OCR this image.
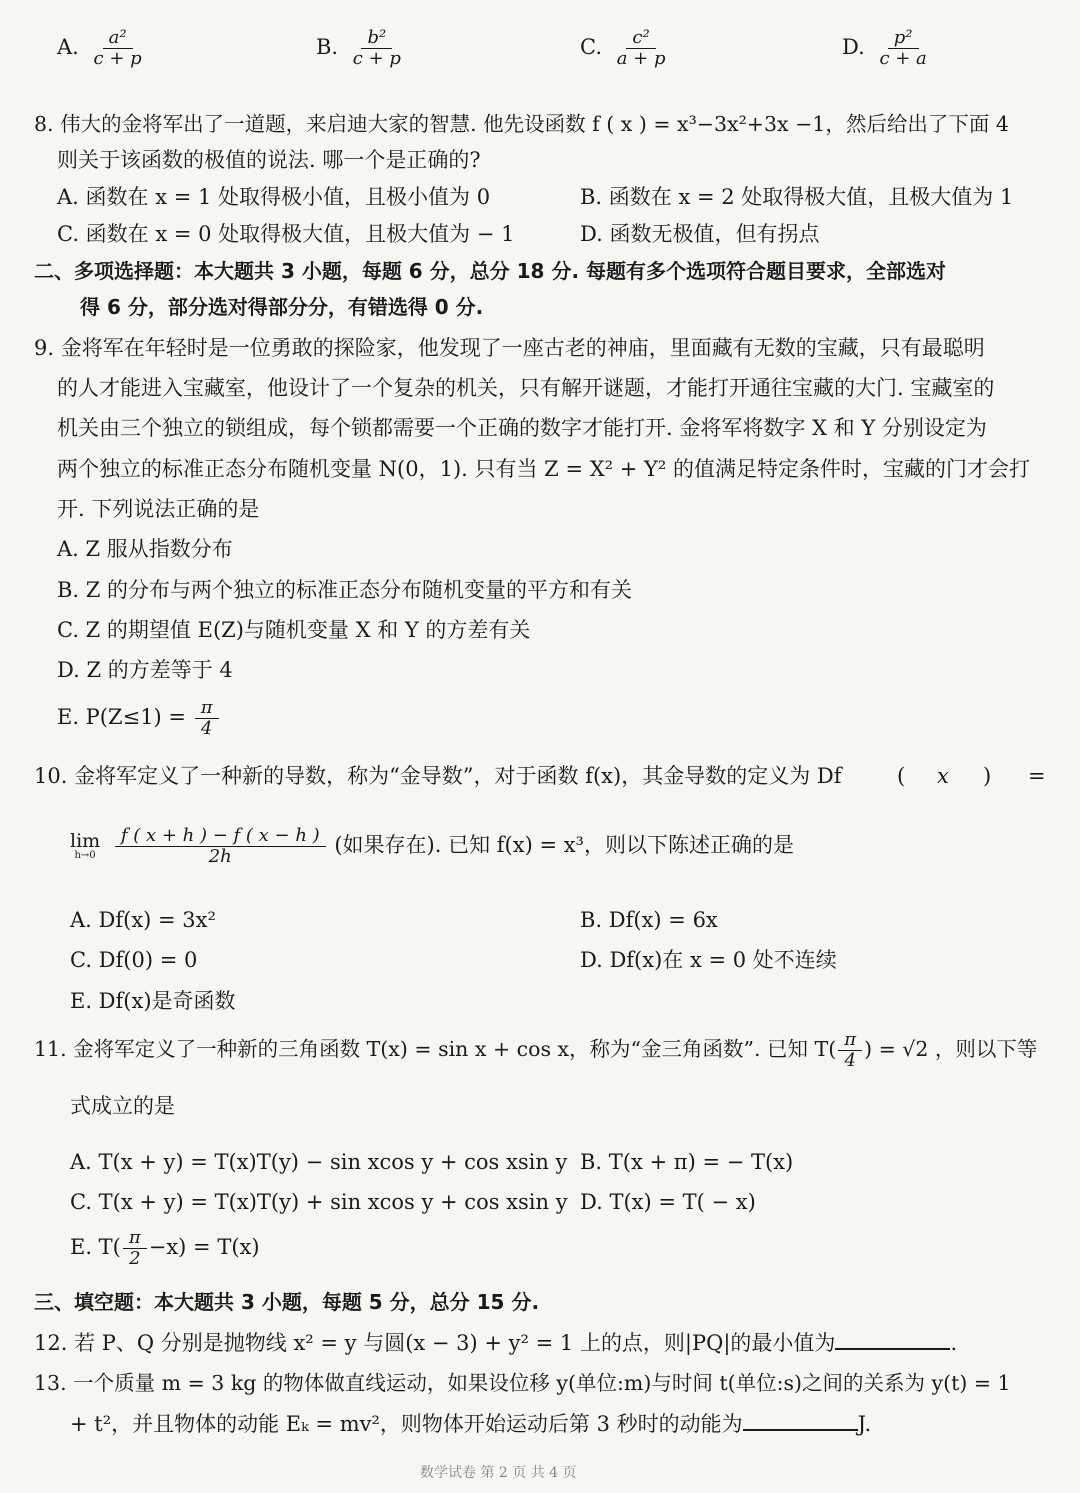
A. $\frac{\text{a²}}{c + p}$	B. $\frac{\text{b²}}{c + p}$	C. $\frac{\text{c²}}{a + p}$	D. $\frac{\text{p²}}{c + a}$
8. 伟大的金将军出了一道题，来启迪大家的智慧. 他先设函数 f ( x ) = x³−3x²+3x −1，然后给出了下面 4
则关于该函数的极值的说法. 哪一个是正确的?
A. 函数在 x = 1 处取得极小值，且极小值为 0	B. 函数在 x = 2 处取得极大值，且极大值为 1
C. 函数在 x = 0 处取得极大值，且极大值为 − 1	D. 函数无极值，但有拐点
二、多项选择题：本大题共 3 小题，每题 6 分，总分 18 分. 每题有多个选项符合题目要求，全部选对
得 6 分，部分选对得部分分，有错选得 0 分.
9. 金将军在年轻时是一位勇敢的探险家，他发现了一座古老的神庙，里面藏有无数的宝藏，只有最聪明
的人才能进入宝藏室，他设计了一个复杂的机关，只有解开谜题，才能打开通往宝藏的大门. 宝藏室的
机关由三个独立的锁组成，每个锁都需要一个正确的数字才能打开. 金将军将数字 X 和 Y 分别设定为
两个独立的标准正态分布随机变量 N(0，1). 只有当 Z = X² + Y² 的值满足特定条件时，宝藏的门才会打
开. 下列说法正确的是
A. Z 服从指数分布
B. Z 的分布与两个独立的标准正态分布随机变量的平方和有关
C. Z 的期望值 E(Z)与随机变量 X 和 Y 的方差有关
D. Z 的方差等于 4
E. $P(Z\le 1) = \frac{\pi}{4}$
10. 金将军定义了一种新的导数，称为“金导数”，对于函数 f(x)，其金导数的定义为 Df	( x ) =
lim
h→0
$\frac{f ( x + h ) - f ( x - h )}{2h}$ (如果存在). 已知 f(x) = x³，则以下陈述正确的是
A. Df(x) = 3x²	B. Df(x) = 6x
C. Df(0) = 0	D. Df(x)在 x = 0 处不连续
E. Df(x)是奇函数
11. 金将军定义了一种新的三角函数 T(x) = sin x + cos x，称为“金三角函数”. 已知 $T( \frac{\pi}{4}$ ) = √2 ，则以下等
式成立的是
A. T(x + y) = T(x)T(y) − sin xcos y + cos xsin y B. T(x + π) = − T(x)
C. T(x + y) = T(x)T(y) + sin xcos y + cos xsin y D. T(x) = T( − x)
E. $T( \frac{\pi}{2} -x) = T(x)$
三、填空题：本大题共 3 小题，每题 5 分，总分 15 分.
12. 若 P、Q 分别是抛物线 x² = y 与圆(x − 3) + y² = 1 上的点，则|PQ|的最小值为	.
13. 一个质量 m = 3 kg 的物体做直线运动，如果设位移 y(单位:m)与时间 t(单位:s)之间的关系为 y(t) = 1
+ t²，并且物体的动能 Eₖ = mv²，则物体开始运动后第 3 秒时的动能为	J.
数学试卷 第 2 页 共 4 页
